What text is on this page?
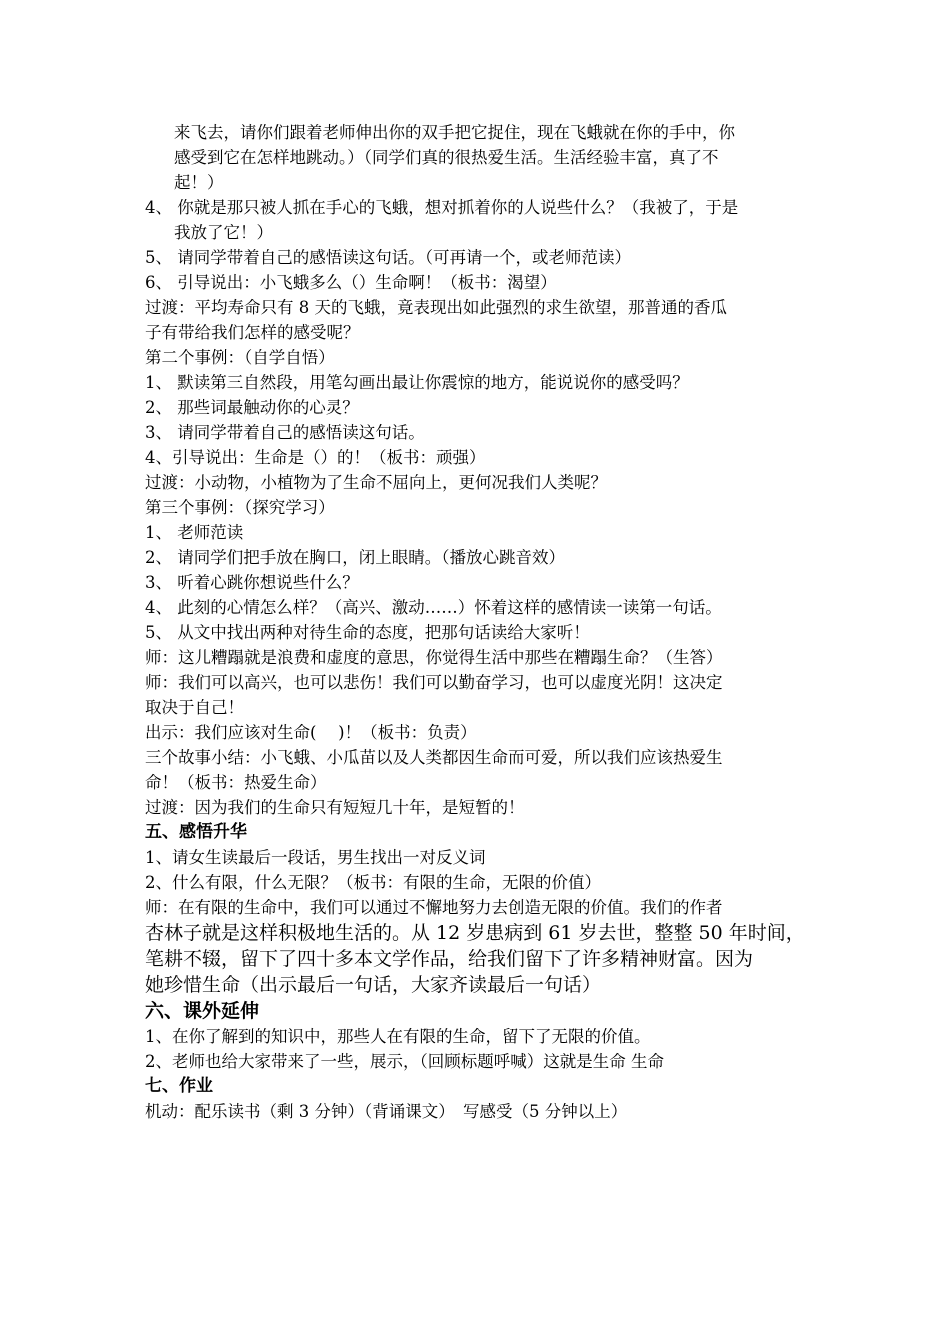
来飞去，请你们跟着老师伸出你的双手把它捉住，现在飞蛾就在你的手中，你
感受到它在怎样地跳动。）（同学们真的很热爱生活。生活经验丰富，真了不
起！）
4、 你就是那只被人抓在手心的飞蛾，想对抓着你的人说些什么？（我被了，于是
我放了它！）
5、 请同学带着自己的感悟读这句话。（可再请一个，或老师范读）
6、 引导说出：小飞蛾多么（）生命啊！（板书：渴望）
过渡：平均寿命只有 8 天的飞蛾，竟表现出如此强烈的求生欲望，那普通的香瓜
子有带给我们怎样的感受呢？
第二个事例：（自学自悟）
1、 默读第三自然段，用笔勾画出最让你震惊的地方，能说说你的感受吗？
2、 那些词最触动你的心灵？
3、 请同学带着自己的感悟读这句话。
4、引导说出：生命是（）的！（板书：顽强）
过渡：小动物，小植物为了生命不屈向上，更何况我们人类呢？
第三个事例：（探究学习）
1、 老师范读
2、 请同学们把手放在胸口，闭上眼睛。（播放心跳音效）
3、 听着心跳你想说些什么？
4、 此刻的心情怎么样？（高兴、激动……）怀着这样的感情读一读第一句话。
5、 从文中找出两种对待生命的态度，把那句话读给大家听！
师：这儿糟蹋就是浪费和虚度的意思，你觉得生活中那些在糟蹋生命？（生答）
师：我们可以高兴，也可以悲伤！我们可以勤奋学习，也可以虚度光阴！这决定
取决于自己！
出示：我们应该对生命(　 )！（板书：负责）
三个故事小结：小飞蛾、小瓜苗以及人类都因生命而可爱，所以我们应该热爱生
命！（板书：热爱生命）
过渡：因为我们的生命只有短短几十年，是短暂的！
五、感悟升华
1、请女生读最后一段话，男生找出一对反义词
2、什么有限，什么无限？（板书：有限的生命，无限的价值）
师：在有限的生命中，我们可以通过不懈地努力去创造无限的价值。我们的作者
杏林子就是这样积极地生活的。从 12 岁患病到 61 岁去世，整整 50 年时间，
笔耕不辍，留下了四十多本文学作品，给我们留下了许多精神财富。因为
她珍惜生命（出示最后一句话，大家齐读最后一句话）
六、课外延伸
1、在你了解到的知识中，那些人在有限的生命，留下了无限的价值。
2、老师也给大家带来了一些，展示，（回顾标题呼喊）这就是生命 生命
七、作业
机动：配乐读书（剩 3 分钟）（背诵课文）　写感受（5 分钟以上）
